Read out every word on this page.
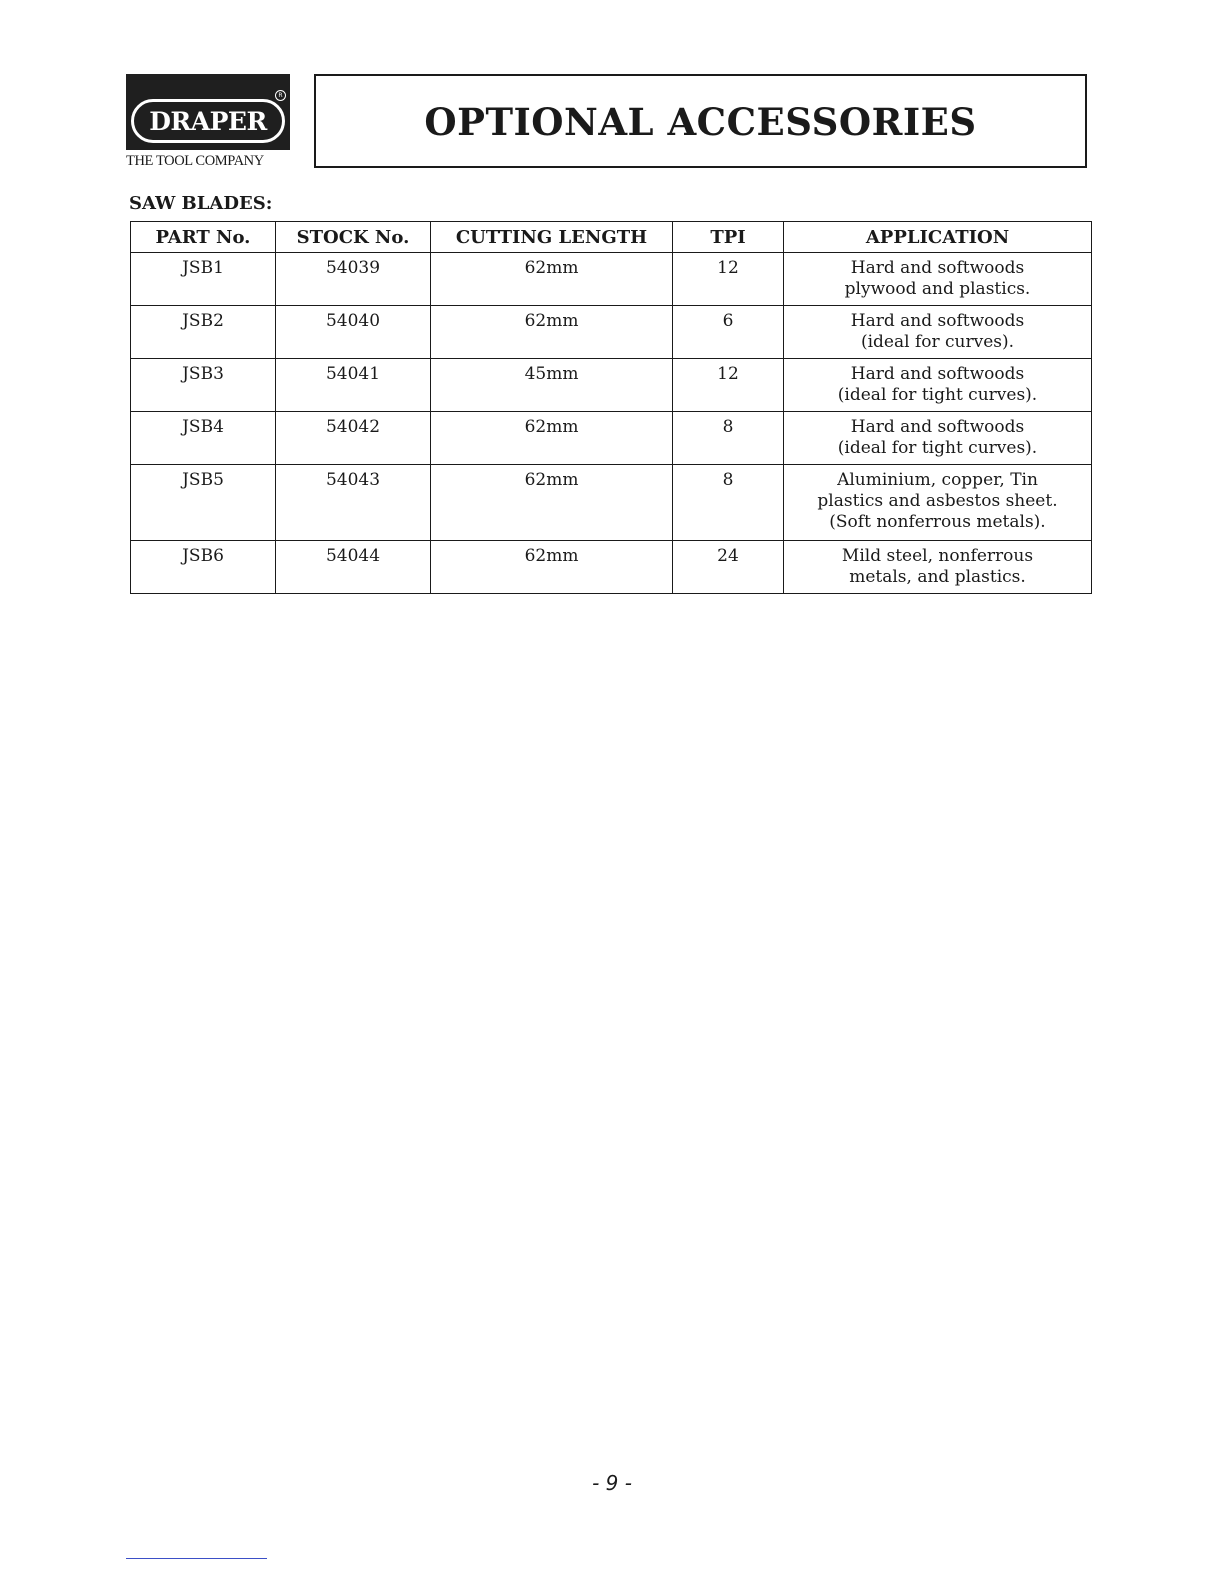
R
DRAPER
THE TOOL COMPANY
OPTIONAL ACCESSORIES
SAW BLADES:
PART No.	STOCK No.	CUTTING LENGTH	TPI	APPLICATION
JSB1	54039	62mm	12	Hard and softwoods
plywood and plastics.

JSB2	54040	62mm	6	Hard and softwoods
(ideal for curves).

JSB3	54041	45mm	12	Hard and softwoods
(ideal for tight curves).

JSB4	54042	62mm	8	Hard and softwoods
(ideal for tight curves).

JSB5	54043	62mm	8	Aluminium, copper, Tin
plastics and asbestos sheet.
(Soft nonferrous metals).

JSB6	54044	62mm	24	Mild steel, nonferrous
metals, and plastics.
- 9 -
